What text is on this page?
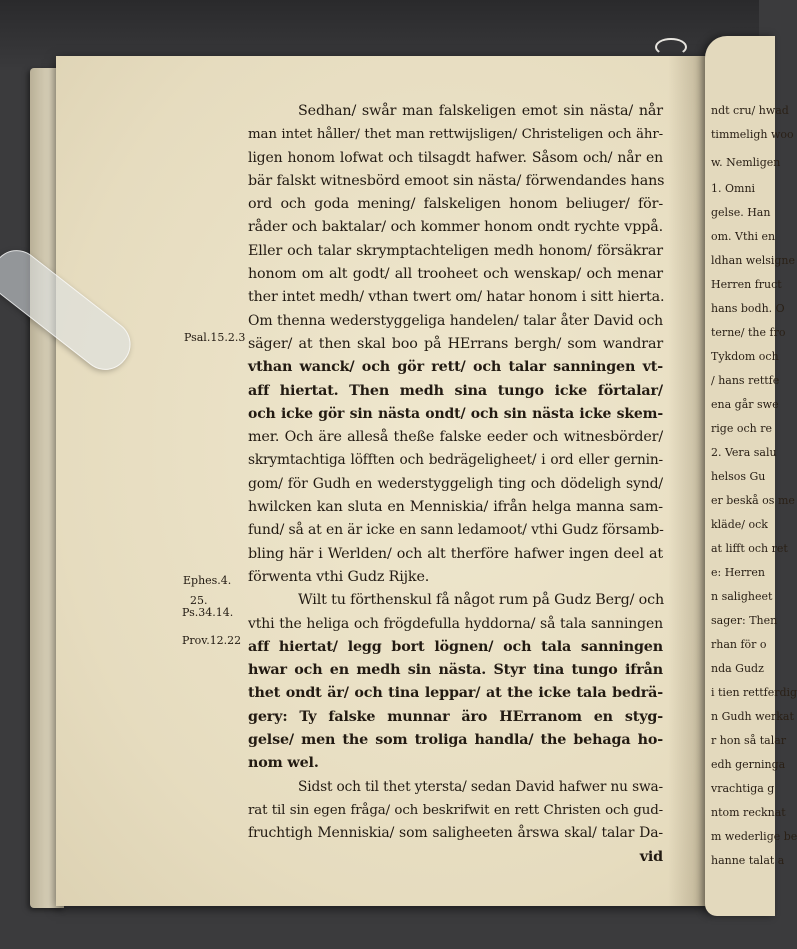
ndt cru/ hwad
timmeligh woo
w. Nemligen
1. Omni
gelse. Han
om. Vthi en
ldhan welsigne
Herren fruct
hans bodh. O
terne/ the fro
Tykdom och
/ hans rettfe
ena går swe
rige och re
2. Vera salu
helsos Gu
er beskå os me
kläde/ ock
at lifft och ret
e: Herren
n saligheet
sager: Then
rhan för o
nda Gudz
i tien rettferdig
n Gudh werkat
r hon så talar
edh gerninga
vrachtiga g
ntom recknat
m wederlige be
hanne talat a
Sedhan/ swår man falskeligen emot sin nästa/ når
man intet håller/ thet man rettwijsligen/ Christeligen och ähr-
ligen honom lofwat och tilsagdt hafwer. Såsom och/ når en
bär falskt witnesbörd emoot sin nästa/ förwendandes hans
ord och goda mening/ falskeligen honom beliuger/ för-
råder och baktalar/ och kommer honom ondt rychte vppå.
Eller och talar skrymptachteligen medh honom/ försäkrar
honom om alt godt/ all trooheet och wenskap/ och menar
ther intet medh/ vthan twert om/ hatar honom i sitt hierta.
Om thenna wederstyggeliga handelen/ talar åter David och
säger/ at then skal boo på HErrans bergh/ som wandrar
vthan wanck/ och gör rett/ och talar sanningen vt-
aff hiertat. Then medh sina tungo icke förtalar/
och icke gör sin nästa ondt/ och sin nästa icke skem-
mer. Och äre alleså theße falske eeder och witnesbörder/
skrymtachtiga löfften och bedrägeligheet/ i ord eller gernin-
gom/ för Gudh en wederstyggeligh ting och dödeligh synd/
hwilcken kan sluta en Menniskia/ ifrån helga manna sam-
fund/ så at en är icke en sann ledamoot/ vthi Gudz församb-
bling här i Werlden/ och alt therföre hafwer ingen deel at
förwenta vthi Gudz Rijke.
Wilt tu förthenskul få något rum på Gudz Berg/ och
vthi the heliga och frögdefulla hyddorna/ så tala sanningen
aff hiertat/ legg bort lögnen/ och tala sanningen
hwar och en medh sin nästa. Styr tina tungo ifrån
thet ondt är/ och tina leppar/ at the icke tala bedrä-
gery: Ty falske munnar äro HErranom en styg-
gelse/ men the som troliga handla/ the behaga ho-
nom wel.
Sidst och til thet ytersta/ sedan David hafwer nu swa-
rat til sin egen fråga/ och beskrifwit en rett Christen och gud-
fruchtigh Menniskia/ som saligheeten årswa skal/ talar Da-
vid
Psal.15.2.3
Ephes.4.
25.
Ps.34.14.
Prov.12.22
